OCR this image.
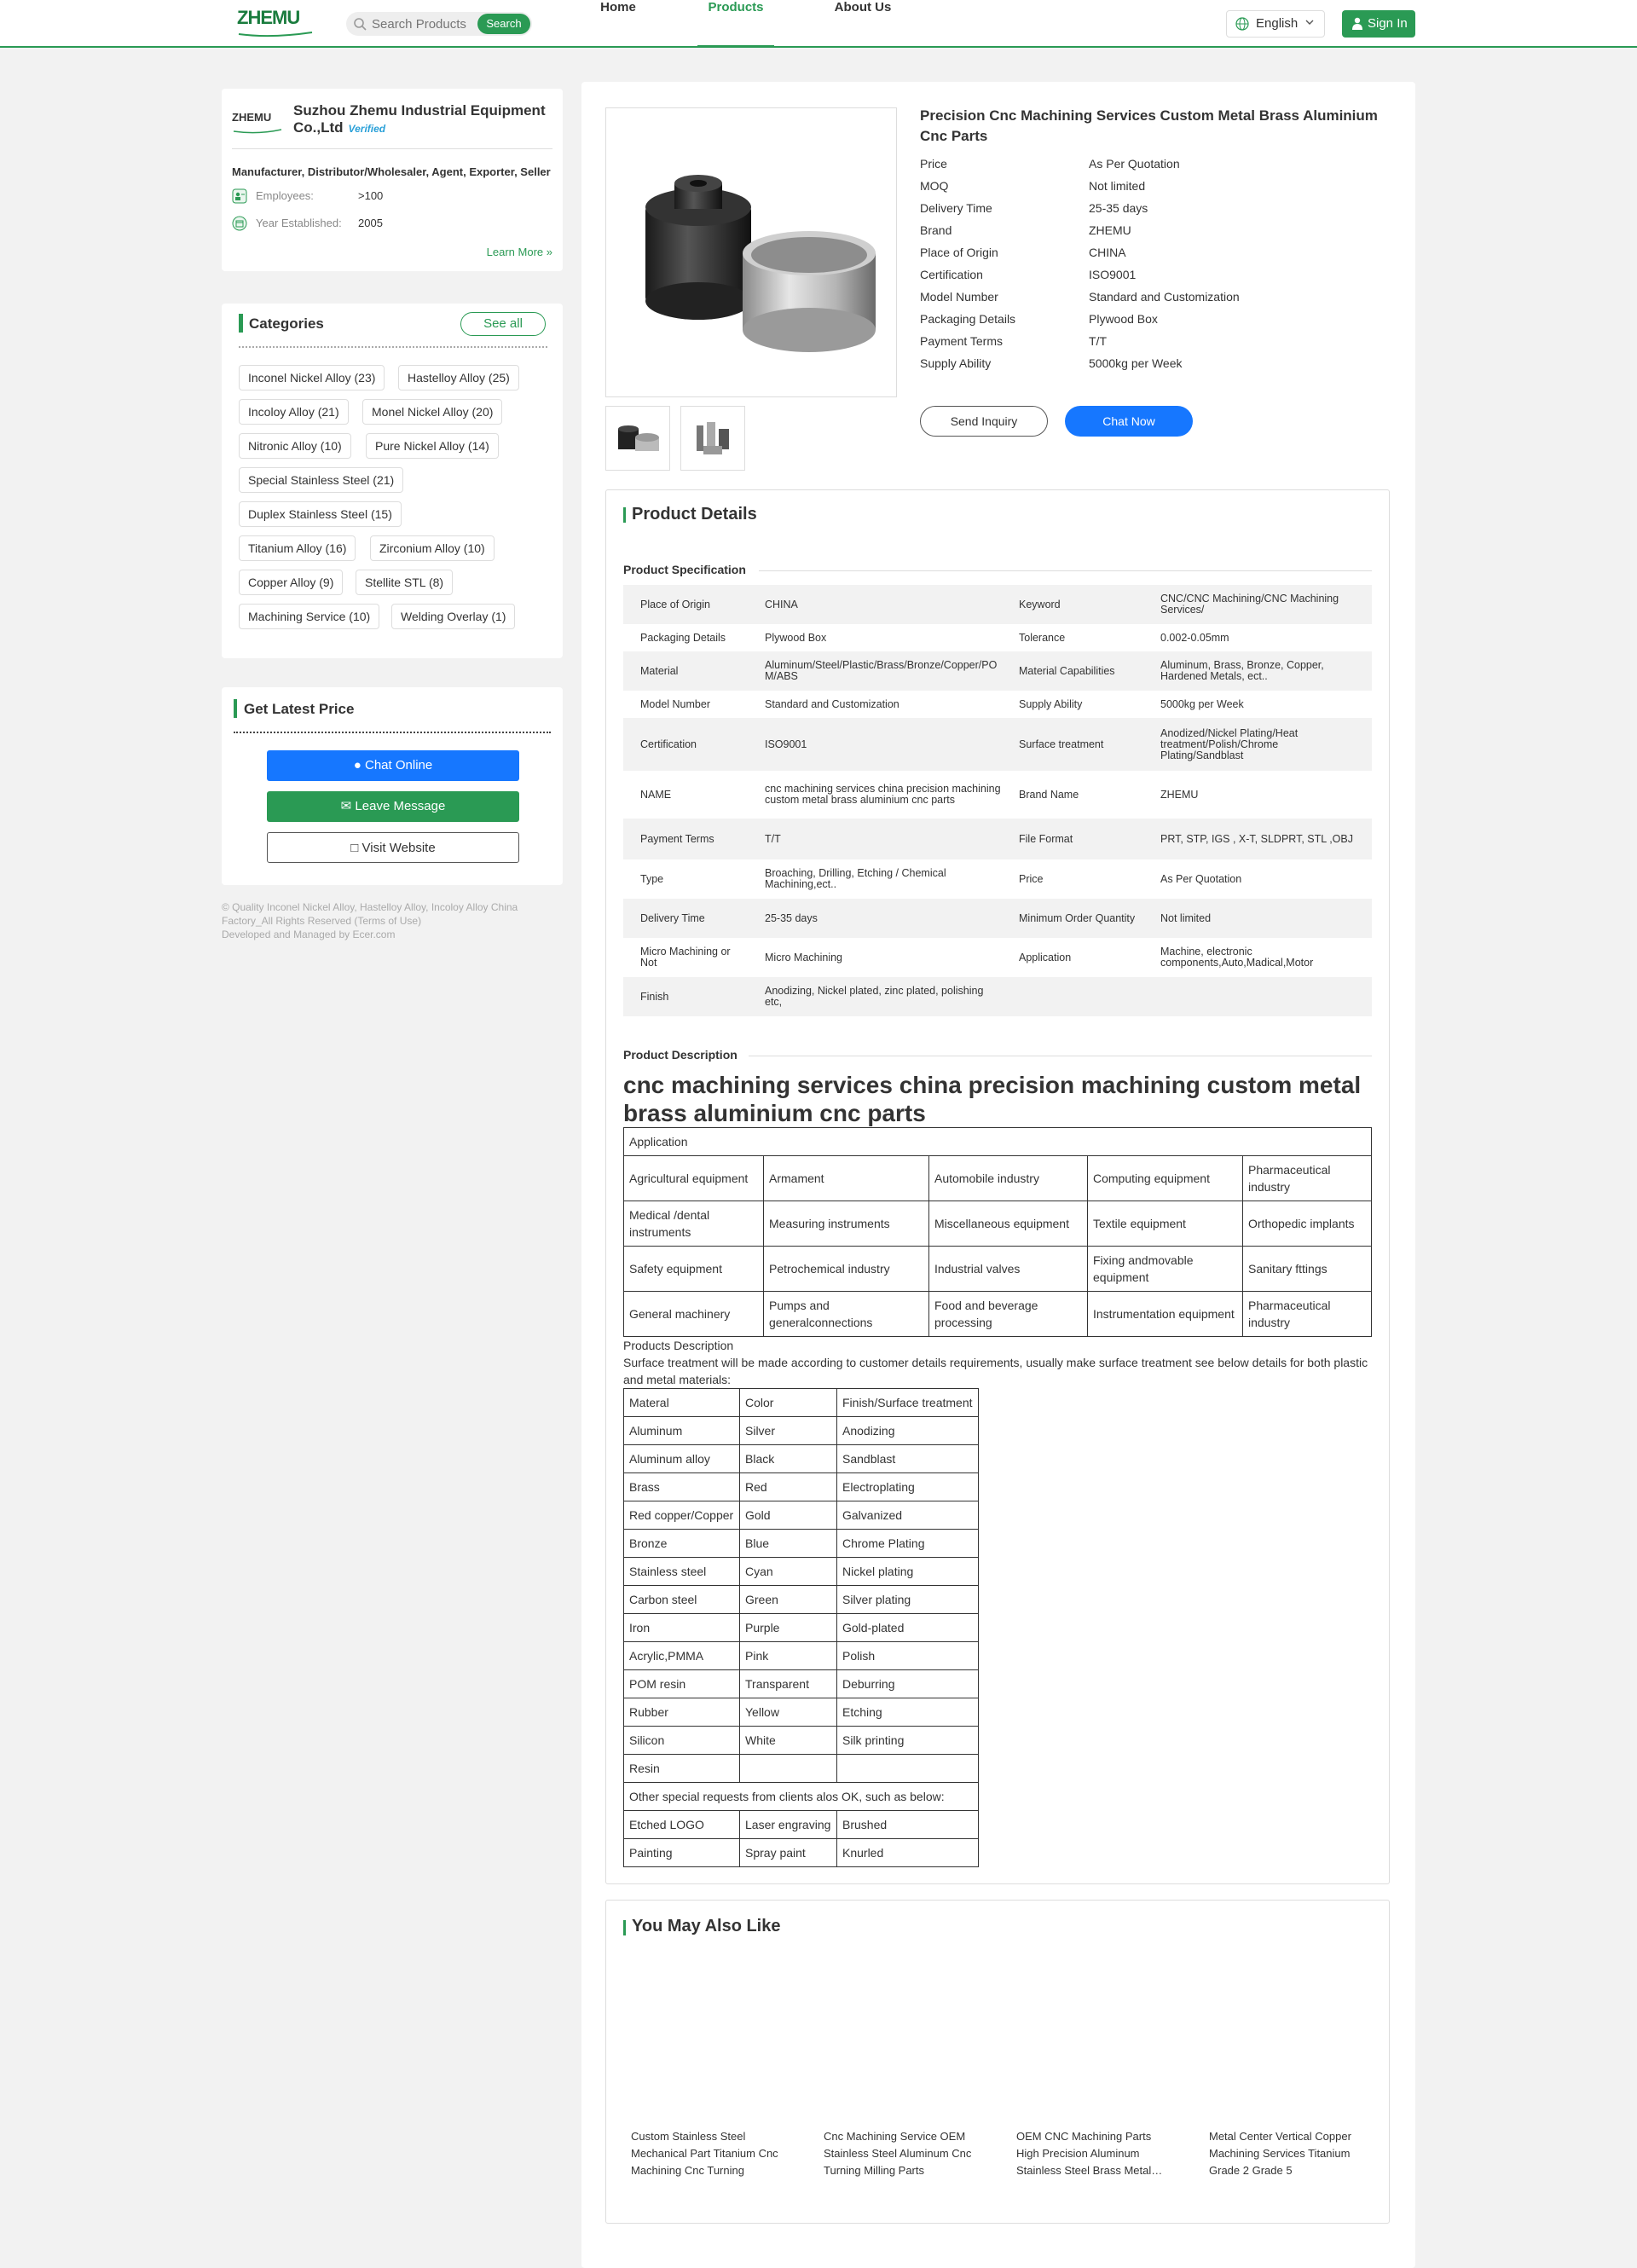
ZHEMU
Search Products	Search
Home	Products	About Us
English	Sign In
ZHEMU	Suzhou Zhemu Industrial Equipment Co.,Ltd Verified
Manufacturer, Distributor/Wholesaler, Agent, Exporter, Seller
Employees:	>100
Year Established:	2005
Learn More »
Categories	See all
Inconel Nickel Alloy (23)	Hastelloy Alloy (25)
Incoloy Alloy (21)	Monel Nickel Alloy (20)
Nitronic Alloy (10)	Pure Nickel Alloy (14)
Special Stainless Steel (21)
Duplex Stainless Steel (15)
Titanium Alloy (16)	Zirconium Alloy (10)
Copper Alloy (9)	Stellite STL (8)
Machining Service (10)	Welding Overlay (1)
Get Latest Price
● Chat Online
✉ Leave Message
□ Visit Website
© Quality Inconel Nickel Alloy, Hastelloy Alloy, Incoloy Alloy China Factory_All Rights Reserved (Terms of Use)
Developed and Managed by Ecer.com
Precision Cnc Machining Services Custom Metal Brass Aluminium Cnc Parts
Price	As Per Quotation
MOQ	Not limited
Delivery Time	25-35 days
Brand	ZHEMU
Place of Origin	CHINA
Certification	ISO9001
Model Number	Standard and Customization
Packaging Details	Plywood Box
Payment Terms	T/T
Supply Ability	5000kg per Week
Send Inquiry	Chat Now
Product Details
Product Specification
Place of Origin	CHINA	Keyword	CNC/CNC Machining/CNC Machining Services/
Packaging Details	Plywood Box	Tolerance	0.002-0.05mm
Material	Aluminum/Steel/Plastic/Brass/Bronze/Copper/POM/ABS	Material Capabilities	Aluminum, Brass, Bronze, Copper, Hardened Metals, ect..
Model Number	Standard and Customization	Supply Ability	5000kg per Week
Certification	ISO9001	Surface treatment	Anodized/Nickel Plating/Heat treatment/Polish/Chrome Plating/Sandblast
NAME	cnc machining services china precision machining custom metal brass aluminium cnc parts	Brand Name	ZHEMU
Payment Terms	T/T	File Format	PRT, STP, IGS , X-T, SLDPRT, STL ,OBJ
Type	Broaching, Drilling, Etching / Chemical Machining,ect..	Price	As Per Quotation
Delivery Time	25-35 days	Minimum Order Quantity	Not limited
Micro Machining or Not	Micro Machining	Application	Machine, electronic components,Auto,Madical,Motor
Finish	Anodizing, Nickel plated, zinc plated, polishing etc,		
Product Description
cnc machining services china precision machining custom metal brass aluminium cnc parts
Application				
Agricultural equipment	Armament	Automobile industry	Computing equipment	Pharmaceutical industry
Medical /dental instruments	Measuring instruments	Miscellaneous equipment	Textile equipment	Orthopedic implants
Safety equipment	Petrochemical industry	Industrial valves	Fixing andmovable equipment	Sanitary fttings
General machinery	Pumps and generalconnections	Food and beverage processing	Instrumentation equipment	Pharmaceutical industry
Products Description
Surface treatment will be made according to customer details requirements, usually make surface treatment see below details for both plastic and metal materials:
Materal	Color	Finish/Surface treatment
Aluminum	Silver	Anodizing
Aluminum alloy	Black	Sandblast
Brass	Red	Electroplating
Red copper/Copper	Gold	Galvanized
Bronze	Blue	Chrome Plating
Stainless steel	Cyan	Nickel plating
Carbon steel	Green	Silver plating
Iron	Purple	Gold-plated
Acrylic,PMMA	Pink	Polish
POM resin	Transparent	Deburring
Rubber	Yellow	Etching
Silicon	White	Silk printing
Resin		
Other special requests from clients alos OK, such as below:		
Etched LOGO	Laser engraving	Brushed
Painting	Spray paint	Knurled
You May Also Like
Custom Stainless Steel Mechanical Part Titanium Cnc Machining Cnc Turning
Cnc Machining Service OEM Stainless Steel Aluminum Cnc Turning Milling Parts
OEM CNC Machining Parts High Precision Aluminum Stainless Steel Brass Metal…
Metal Center Vertical Copper Machining Services Titanium Grade 2 Grade 5
